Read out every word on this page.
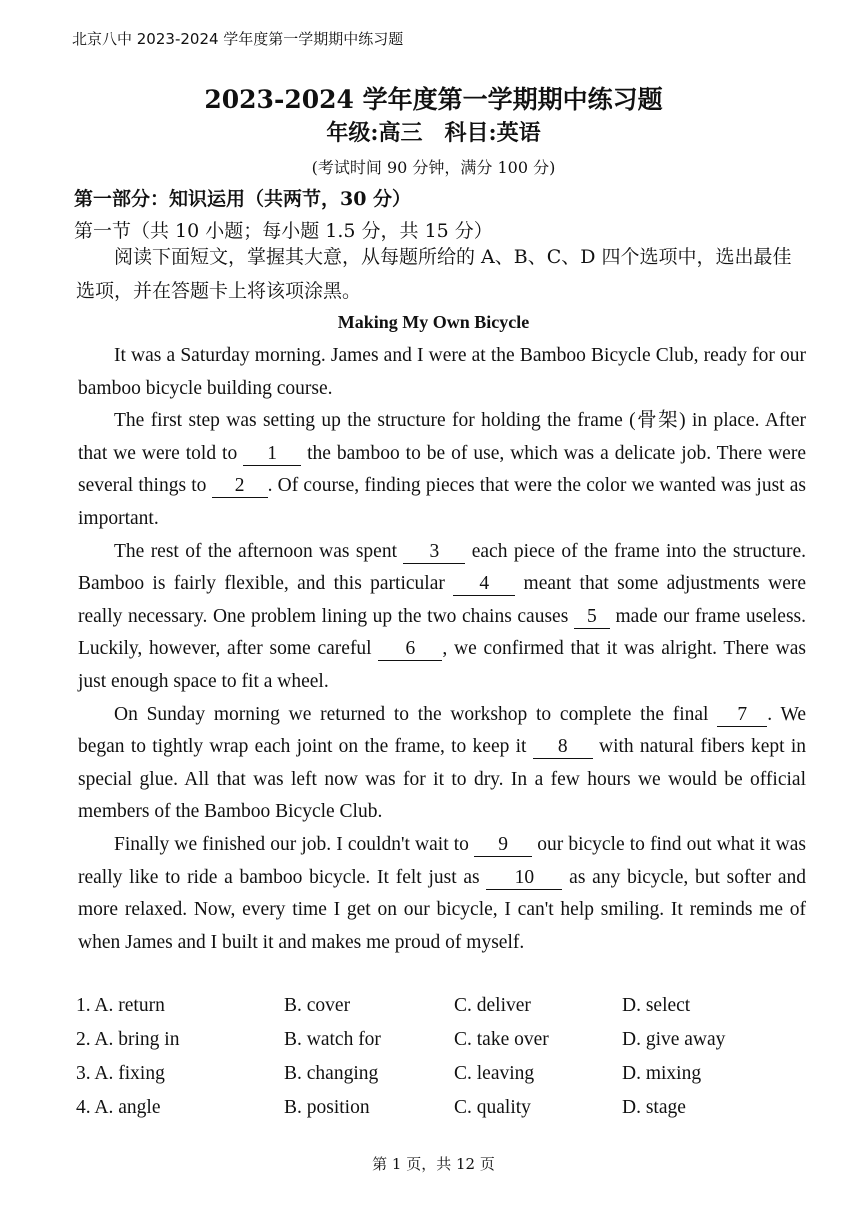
北京八中 2023-2024 学年度第一学期期中练习题
2023-2024 学年度第一学期期中练习题
年级:高三　科目:英语
(考试时间 90 分钟，满分 100 分)
第一部分：知识运用（共两节，30 分）
第一节（共 10 小题；每小题 1.5 分，共 15 分）
阅读下面短文，掌握其大意，从每题所给的 A、B、C、D 四个选项中，选出最佳选项，并在答题卡上将该项涂黑。
Making My Own Bicycle

It was a Saturday morning. James and I were at the Bamboo Bicycle Club, ready for our bamboo bicycle building course.

The first step was setting up the structure for holding the frame (骨架) in place. After that we were told to 1 the bamboo to be of use, which was a delicate job. There were several things to 2 . Of course, finding pieces that were the color we wanted was just as important.

The rest of the afternoon was spent 3 each piece of the frame into the structure. Bamboo is fairly flexible, and this particular 4 meant that some adjustments were really necessary. One problem lining up the two chains causes 5 made our frame useless. Luckily, however, after some careful 6 , we confirmed that it was alright. There was just enough space to fit a wheel.

On Sunday morning we returned to the workshop to complete the final 7 . We began to tightly wrap each joint on the frame, to keep it 8 with natural fibers kept in special glue. All that was left now was for it to dry. In a few hours we would be official members of the Bamboo Bicycle Club.

Finally we finished our job. I couldn't wait to 9 our bicycle to find out what it was really like to ride a bamboo bicycle. It felt just as 10 as any bicycle, but softer and more relaxed. Now, every time I get on our bicycle, I can't help smiling. It reminds me of when James and I built it and makes me proud of myself.

1. A. return	B. cover	C. deliver	D. select
2. A. bring in	B. watch for	C. take over	D. give away
3. A. fixing	B. changing	C. leaving	D. mixing
4. A. angle	B. position	C. quality	D. stage
第 1 页，共 12 页
